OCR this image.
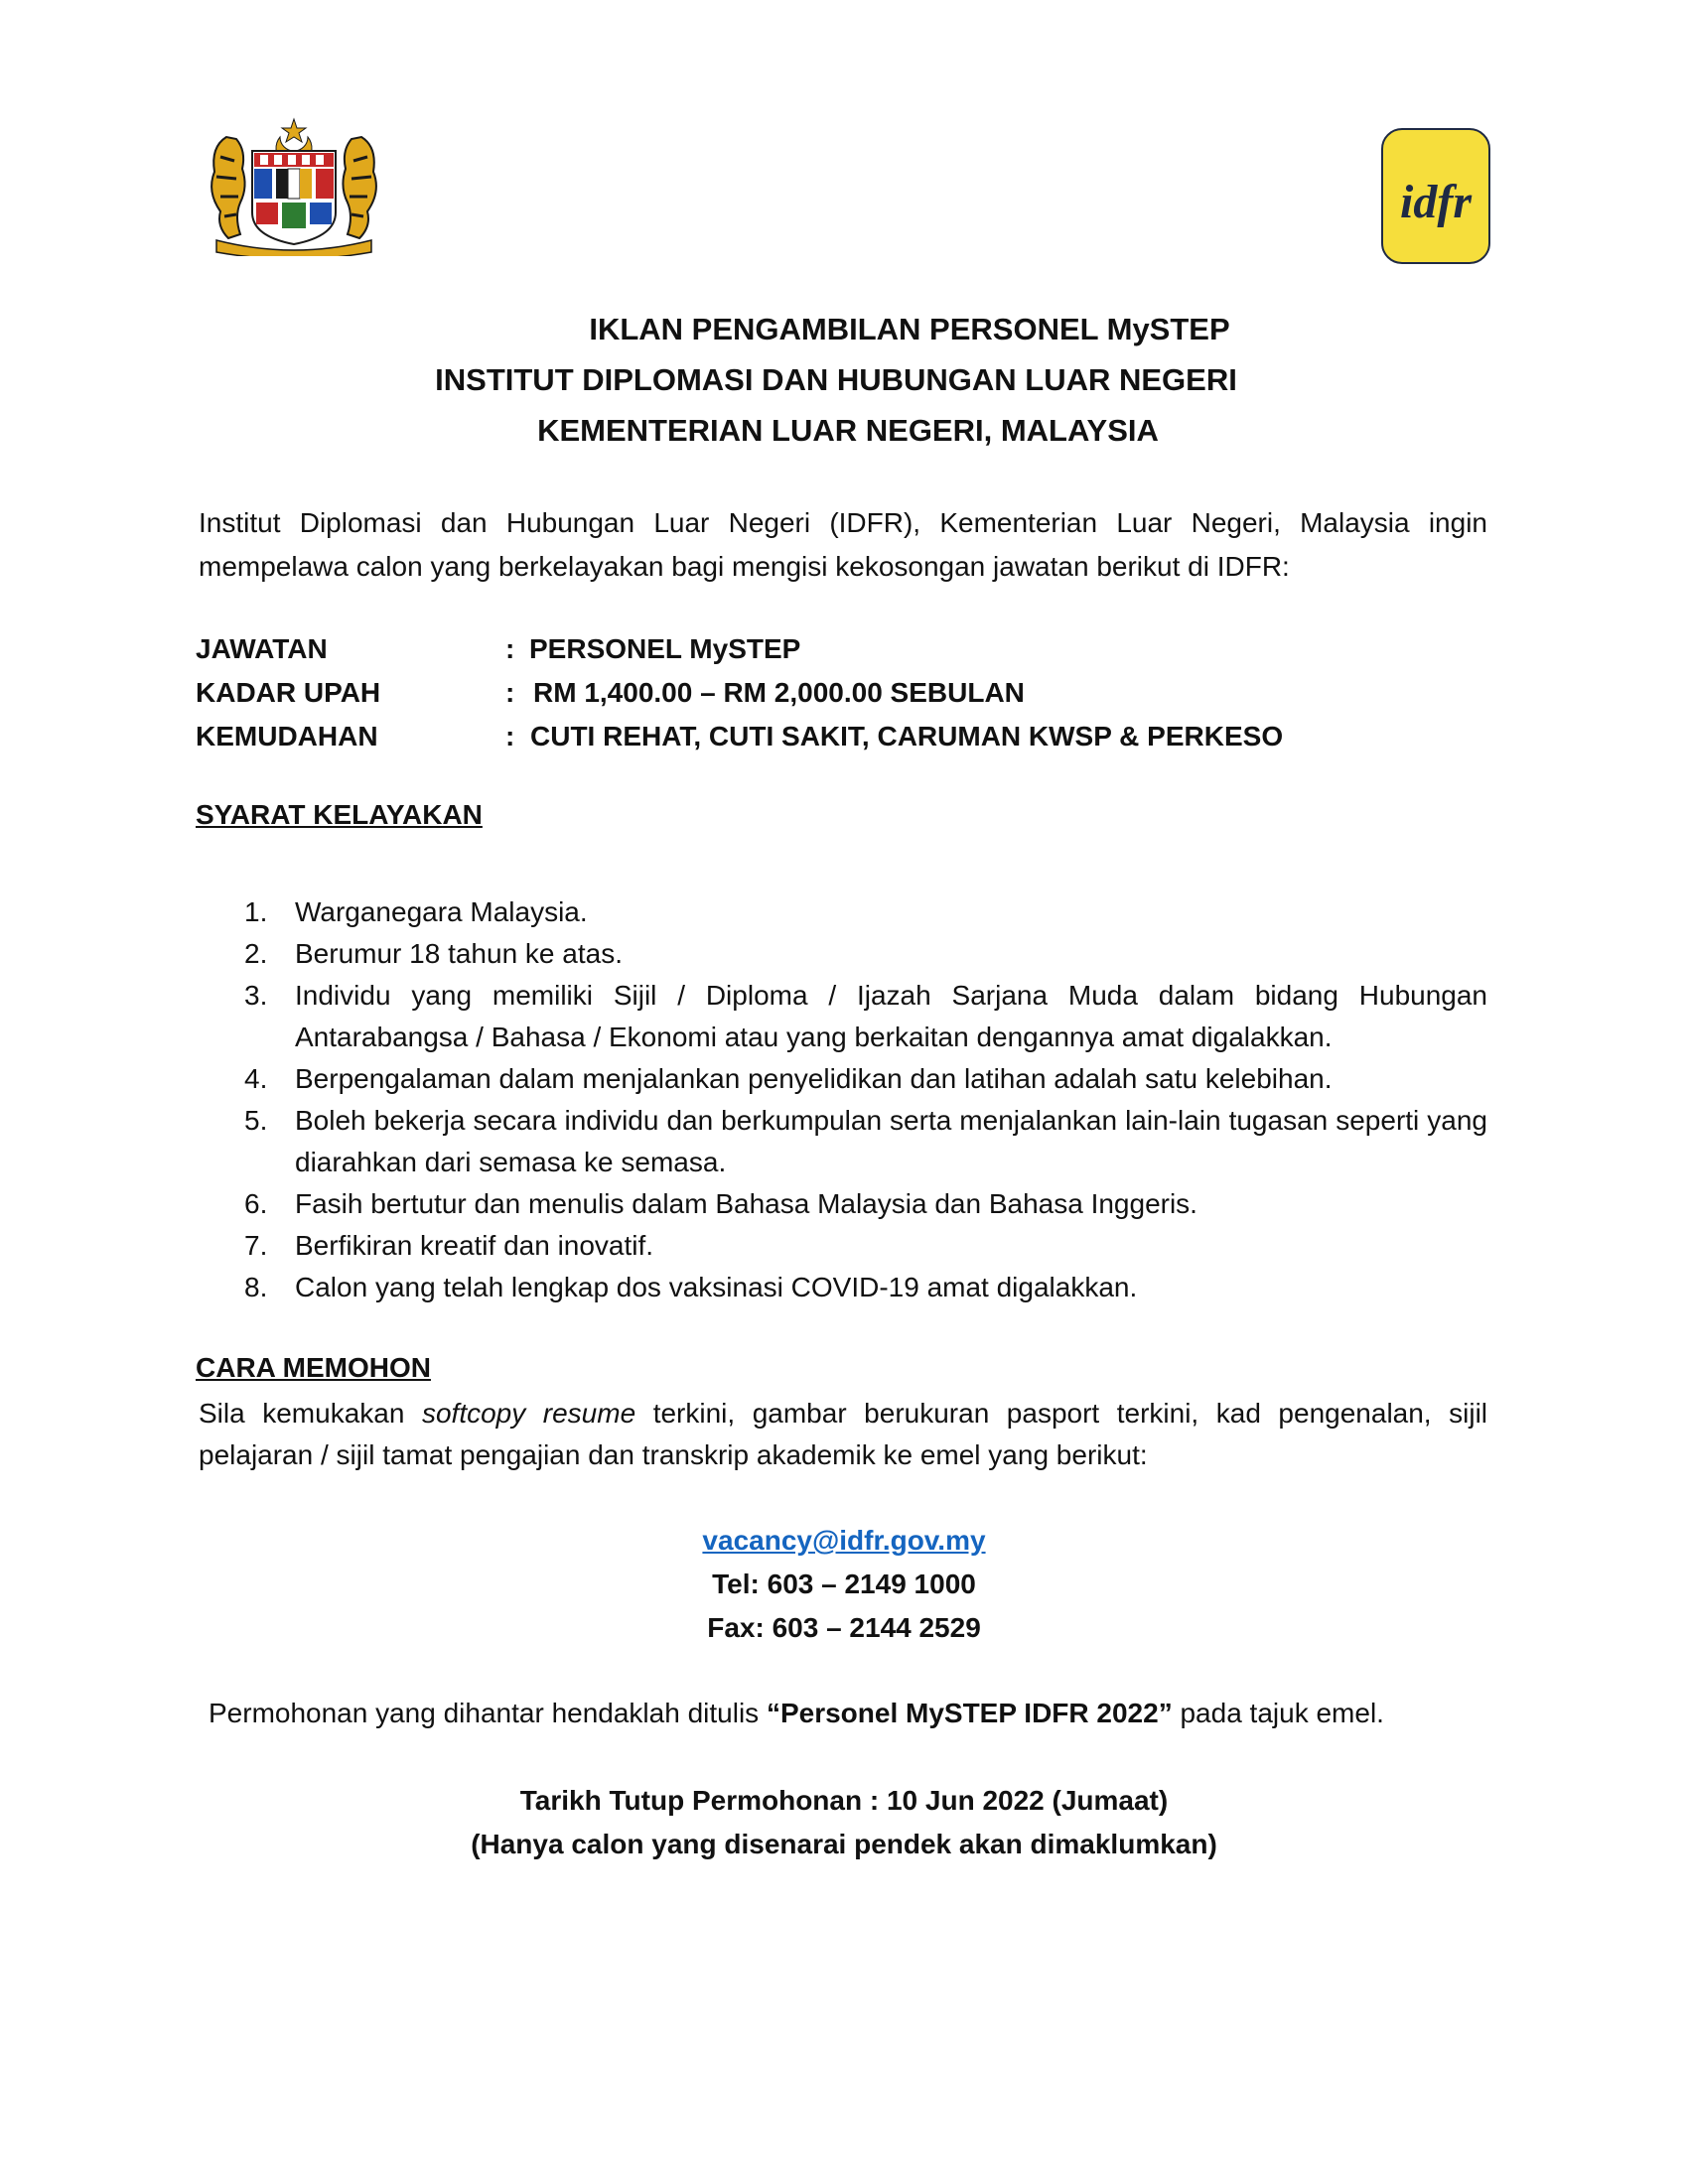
idfr
IKLAN PENGAMBILAN PERSONEL MySTEP
INSTITUT DIPLOMASI DAN HUBUNGAN LUAR NEGERI
KEMENTERIAN LUAR NEGERI, MALAYSIA
Institut Diplomasi dan Hubungan Luar Negeri (IDFR), Kementerian Luar Negeri, Malaysia ingin mempelawa calon yang berkelayakan bagi mengisi kekosongan jawatan berikut di IDFR:
JAWATAN	: PERSONEL MySTEP
KADAR UPAH	: RM 1,400.00 – RM 2,000.00 SEBULAN
KEMUDAHAN	: CUTI REHAT, CUTI SAKIT, CARUMAN KWSP & PERKESO
SYARAT KELAYAKAN
1. Warganegara Malaysia.
2. Berumur 18 tahun ke atas.
3. Individu yang memiliki Sijil / Diploma / Ijazah Sarjana Muda dalam bidang Hubungan Antarabangsa / Bahasa / Ekonomi atau yang berkaitan dengannya amat digalakkan.
4. Berpengalaman dalam menjalankan penyelidikan dan latihan adalah satu kelebihan.
5. Boleh bekerja secara individu dan berkumpulan serta menjalankan lain-lain tugasan seperti yang diarahkan dari semasa ke semasa.
6. Fasih bertutur dan menulis dalam Bahasa Malaysia dan Bahasa Inggeris.
7. Berfikiran kreatif dan inovatif.
8. Calon yang telah lengkap dos vaksinasi COVID-19 amat digalakkan.
CARA MEMOHON
Sila kemukakan softcopy resume terkini, gambar berukuran pasport terkini, kad pengenalan, sijil pelajaran / sijil tamat pengajian dan transkrip akademik ke emel yang berikut:
vacancy@idfr.gov.my
Tel: 603 – 2149 1000
Fax: 603 – 2144 2529
Permohonan yang dihantar hendaklah ditulis “Personel MySTEP IDFR 2022” pada tajuk emel.
Tarikh Tutup Permohonan : 10 Jun 2022 (Jumaat)
(Hanya calon yang disenarai pendek akan dimaklumkan)
